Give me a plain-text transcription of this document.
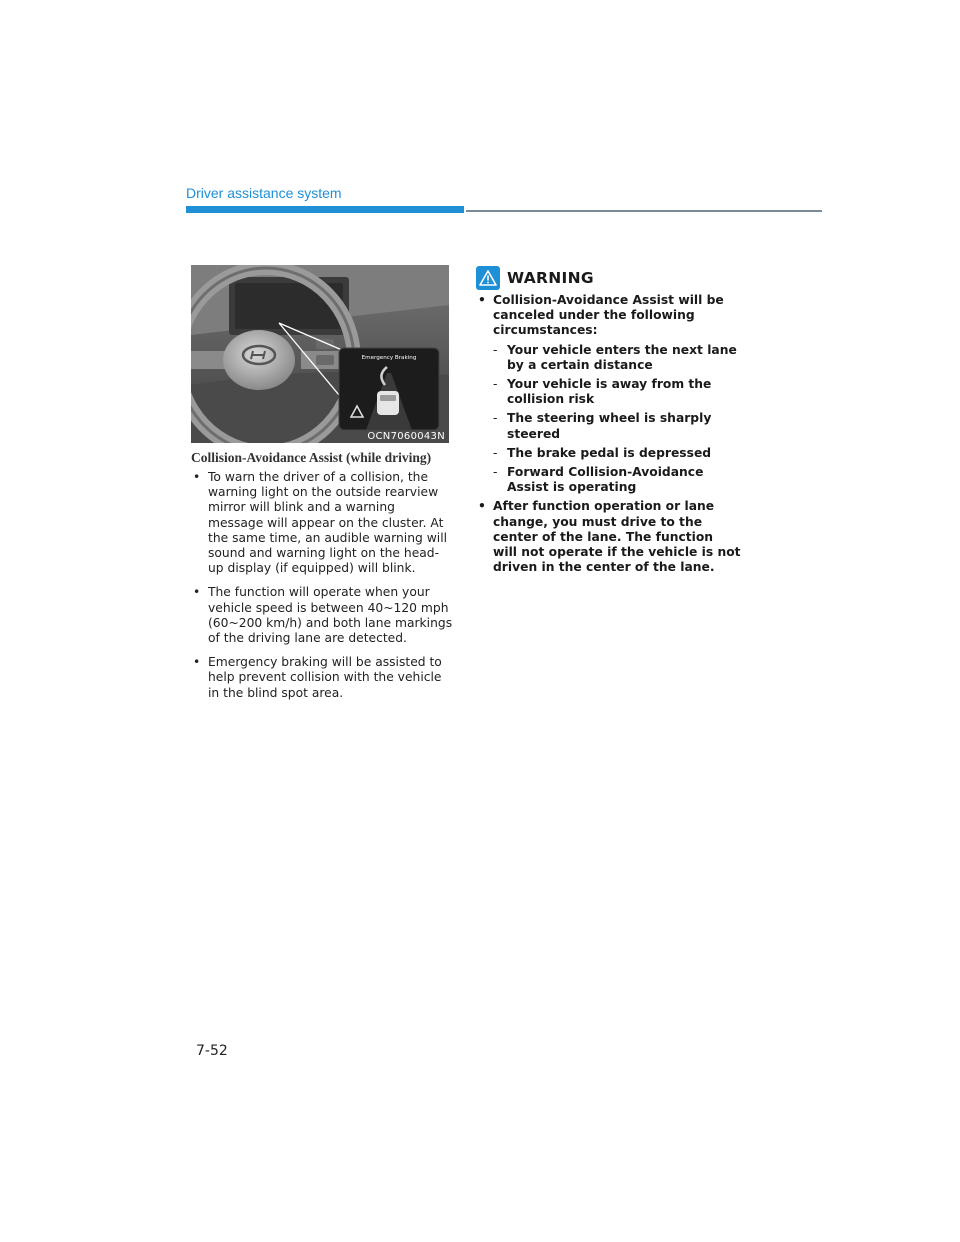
Driver assistance system
Emergency Braking
OCN7060043N
Collision-Avoidance Assist (while driving)
• To warn the driver of a collision, the warning light on the outside rearview mirror will blink and a warning message will appear on the cluster. At the same time, an audible warning will sound and warning light on the head-up display (if equipped) will blink.
• The function will operate when your vehicle speed is between 40~120 mph (60~200 km/h) and both lane markings of the driving lane are detected.
• Emergency braking will be assisted to help prevent collision with the vehicle in the blind spot area.
WARNING
• Collision-Avoidance Assist will be canceled under the following circumstances:
- Your vehicle enters the next lane by a certain distance
- Your vehicle is away from the collision risk
- The steering wheel is sharply steered
- The brake pedal is depressed
- Forward Collision-Avoidance Assist is operating
• After function operation or lane change, you must drive to the center of the lane. The function will not operate if the vehicle is not driven in the center of the lane.
7-52
